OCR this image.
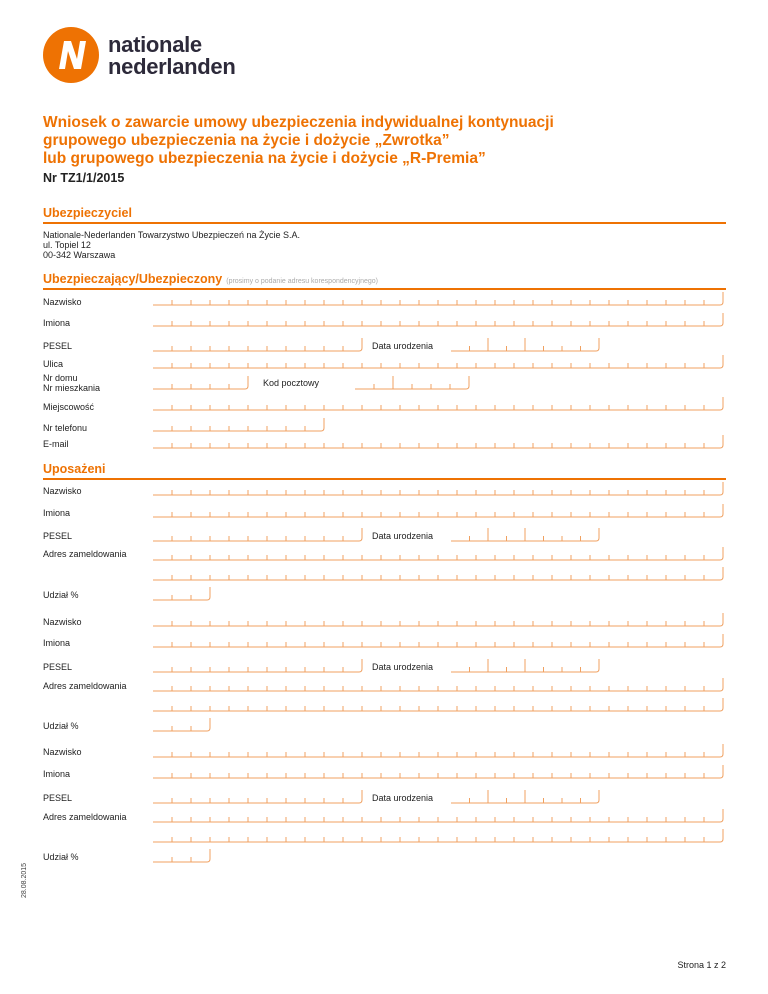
nationale
nederlanden
Wniosek o zawarcie umowy ubezpieczenia indywidualnej kontynuacji
grupowego ubezpieczenia na życie i dożycie „Zwrotka”
lub grupowego ubezpieczenia na życie i dożycie „R-Premia”
Nr TZ1/1/2015
Ubezpieczyciel
Nationale-Nederlanden Towarzystwo Ubezpieczeń na Życie S.A.
ul. Topiel 12
00-342 Warszawa
Ubezpieczający/Ubezpieczony (prosimy o podanie adresu korespondencyjnego)
Nazwisko
Imiona
PESEL	Data urodzenia
Ulica
Nr domu
Nr mieszkania	Kod pocztowy
Miejscowość
Nr telefonu
E-mail
Uposażeni
Nazwisko
Imiona
PESEL	Data urodzenia
Adres zameldowania
Udział %
Nazwisko
Imiona
PESEL	Data urodzenia
Adres zameldowania
Udział %
Nazwisko
Imiona
PESEL	Data urodzenia
Adres zameldowania
Udział %
28.08.2015
Strona 1 z 2
